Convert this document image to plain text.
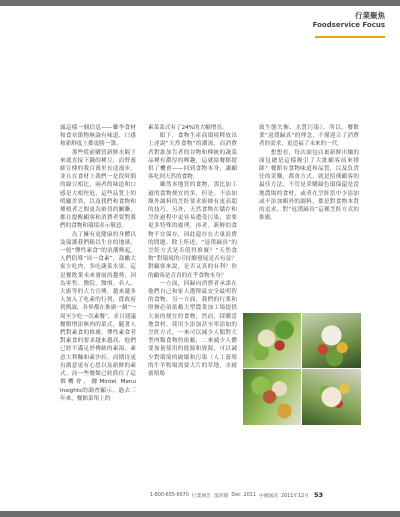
行業聚焦
Foodservice Focus

露這樣一個信息——雖李食材和食章節物無論有味道、口感和新鮮度上都更勝一籌。

　　那些從前購買新鮮水隔下來就直接下鍋的種豆，而營養師宣傳的我百萬里長途漫步。並且在食材上我們一是段時間的綠豆相比，兩者的味道和口感是大相徑庭，這些品質上的明顯差異，以及我們和食物和種植者之間更為密切的關聯，都在提醒顧客和消費者要對我們的食物和環境表示敬意。

　　為了擁有更健康的身體以及保護我們賴以生存的地球，一般“彈性素食”的浪潮興起，人們倡導“周一食素”，鼓勵大家少吃肉，多吃蔬菜水果。這是餐飲業未來發展的趨勢，因為零售、醫院、醫療、名人、大廚等的大力宣傳，越來越多人加入了吃素的行列，從政府到輿論，各界都在推廣一個“一周至少吃一次素餐”，並且建議餐館增添無肉的菜式，隨著人們對素食的推廣，彈性素食者對素食的要求越來越高，他們已經不滿足於傳統的素湯、素意大利麵和素沙拉，而期待更有創意更有心思以及新鮮的素式。而一些餐館已經抓住了這個機會，據Mintel Menu Insights的調查顯示，過去三年來，餐館菜單上的

素菜菜式有了24%的大幅增長。

　　眼下，食物生產商環境釋放出上述說“天然食物”的潮流，而消費者對誰加告者的谷物和傳統的蔬菜品種有濃厚的興趣，這就給餐館提供了機會——回到食物本身，讓顧客吃到天然的食物。

　　雖然本地買的食物，那比加工過的食物便宜的多，但是，不添加額外調料的烹飪要求廚師有更高超的技巧。另外，天然食物在儲存和烹飪過程中更容易遭受污染，需要更多特殊的處理，再者，新鮮的食物不宜保存，因此還存在大量浪費的問題。除上所述，“返璞歸真”的烹飪方式是否值得推廣？“天然食物”對環境的可持續發展是否有益？對顧客來說，是否又真的有利？你的顧客是否真的在乎食物本身？

　　一方面，回歸向消費者承諾在他們自己和家人選擇最安全最明智的食物，另一方面，我們的行業和照辦必須依賴大型農業加工場提供大量的便宜的食物，然而，採購當地食材、使用少添加甚至零添加的烹飪方式，一來可以減少人類對大型肉類食物的依賴，二來減少人體要加量使用的能源和資源，可以減少對環境的破壞和污染（人工養殖的牛羊牧場需要大片的草地，水耐養殖場

致生態失衡、水質污染），所以，餐飲業“返璞歸真”的理念，不僅迎合了消費者的需求，更造福了未來的一代。

　　想想看，每次面包店裏新鮮出爐的面包總是這樣吸引了大批顧客前來排隊？餐館有食物味道和品質，以及負責任的采購，都會方式，就是招徠顧客的最佳方法，不管是采購綠色環保還是當地農場的食材，或者在烹飪當中少添加或不添加額外的調料，都是對食物本質的追求，對“返璞歸真”這種烹飪方式的推廣。

1-800-655-6670 行業廣告 第四版 Dec 2011 中國通訊 2011年12月 53
